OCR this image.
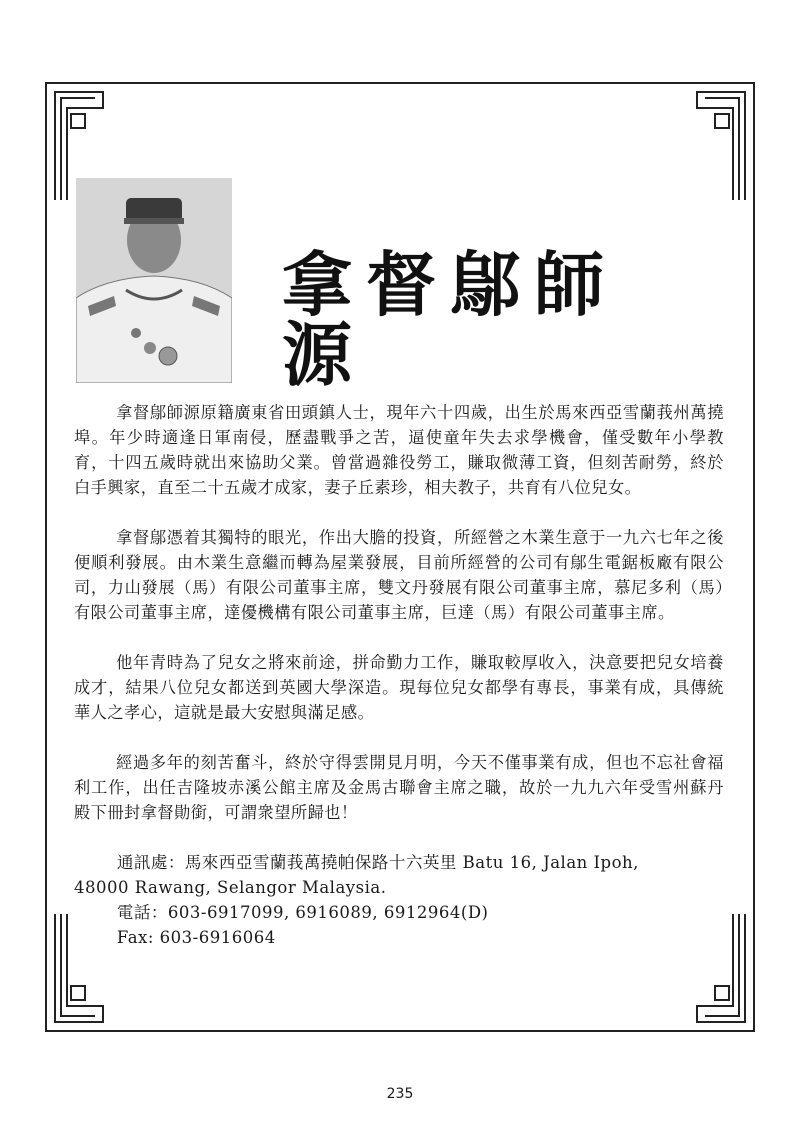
拿督鄔師源

拿督鄔師源原籍廣東省田頭鎮人士，現年六十四歲，出生於馬來西亞雪蘭莪州萬撓埠。年少時適逢日軍南侵，歷盡戰爭之苦，逼使童年失去求學機會，僅受數年小學教育，十四五歲時就出來協助父業。曾當過雜役勞工，賺取微薄工資，但刻苦耐勞，終於白手興家，直至二十五歲才成家，妻子丘素珍，相夫教子，共育有八位兒女。

拿督鄔憑着其獨特的眼光，作出大膽的投資，所經營之木業生意于一九六七年之後便順利發展。由木業生意繼而轉為屋業發展，目前所經營的公司有鄔生電鋸板廠有限公司，力山發展（馬）有限公司董事主席，雙文丹發展有限公司董事主席，慕尼多利（馬）有限公司董事主席，達優機構有限公司董事主席，巨達（馬）有限公司董事主席。

他年青時為了兒女之將來前途，拼命勤力工作，賺取較厚收入，決意要把兒女培養成才，結果八位兒女都送到英國大學深造。現每位兒女都學有專長，事業有成，具傳統華人之孝心，這就是最大安慰與滿足感。

經過多年的刻苦奮斗，終於守得雲開見月明，今天不僅事業有成，但也不忘社會福利工作，出任吉隆坡赤溪公館主席及金馬古聯會主席之職，故於一九九六年受雪州蘇丹殿下冊封拿督勛銜，可謂衆望所歸也！

通訊處：馬來西亞雪蘭莪萬撓帕保路十六英里 Batu 16, Jalan Ipoh,
48000 Rawang, Selangor Malaysia.
電話：603-6917099, 6916089, 6912964(D)
Fax: 603-6916064
235
